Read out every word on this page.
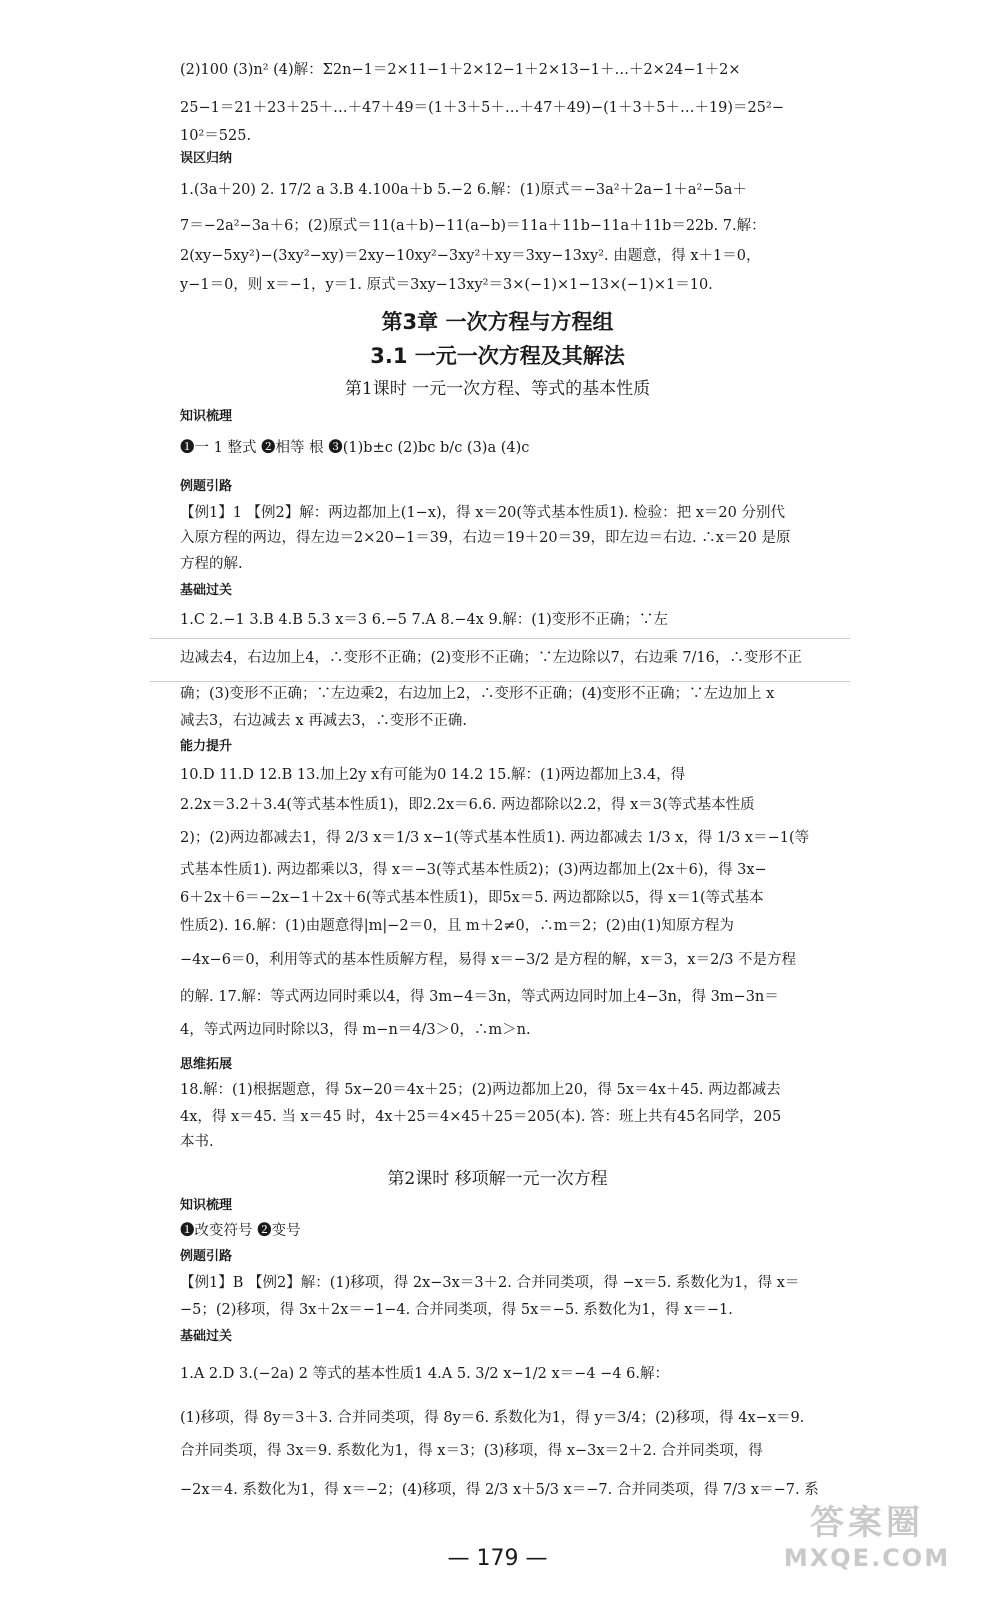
(2)100 (3)n² (4)解：Σ2n−1＝2×11−1＋2×12−1＋2×13−1＋…＋2×24−1＋2×
25−1＝21＋23＋25＋…＋47＋49＝(1＋3＋5＋…＋47＋49)−(1＋3＋5＋…＋19)＝25²−
10²＝525.
误区归纳
1.(3a＋20) 2. 17/2 a 3.B 4.100a＋b 5.−2 6.解：(1)原式＝−3a²＋2a−1＋a²−5a＋
7＝−2a²−3a＋6；(2)原式＝11(a＋b)−11(a−b)＝11a＋11b−11a＋11b＝22b. 7.解：
2(xy−5xy²)−(3xy²−xy)＝2xy−10xy²−3xy²＋xy＝3xy−13xy². 由题意，得 x＋1＝0，
y−1＝0，则 x＝−1，y＝1. 原式＝3xy−13xy²＝3×(−1)×1−13×(−1)×1＝10.
第3章 一次方程与方程组
3.1 一元一次方程及其解法
第1课时 一元一次方程、等式的基本性质
知识梳理
❶一 1 整式 ❷相等 根 ❸(1)b±c (2)bc b/c (3)a (4)c
例题引路
【例1】1 【例2】解：两边都加上(1−x)，得 x＝20(等式基本性质1). 检验：把 x＝20 分别代
入原方程的两边，得左边＝2×20−1＝39，右边＝19＋20＝39，即左边＝右边. ∴x＝20 是原
方程的解.
基础过关
1.C 2.−1 3.B 4.B 5.3 x＝3 6.−5 7.A 8.−4x 9.解：(1)变形不正确；∵左
边减去4，右边加上4，∴变形不正确；(2)变形不正确；∵左边除以7，右边乘 7/16，∴变形不正
确；(3)变形不正确；∵左边乘2，右边加上2，∴变形不正确；(4)变形不正确；∵左边加上 x
减去3，右边减去 x 再减去3，∴变形不正确.
能力提升
10.D 11.D 12.B 13.加上2y x有可能为0 14.2 15.解：(1)两边都加上3.4，得
2.2x＝3.2＋3.4(等式基本性质1)，即2.2x＝6.6. 两边都除以2.2，得 x＝3(等式基本性质
2)；(2)两边都减去1，得 2/3 x＝1/3 x−1(等式基本性质1). 两边都减去 1/3 x，得 1/3 x＝−1(等
式基本性质1). 两边都乘以3，得 x＝−3(等式基本性质2)；(3)两边都加上(2x＋6)，得 3x−
6＋2x＋6＝−2x−1＋2x＋6(等式基本性质1)，即5x＝5. 两边都除以5，得 x＝1(等式基本
性质2). 16.解：(1)由题意得|m|−2＝0，且 m＋2≠0，∴m＝2；(2)由(1)知原方程为
−4x−6＝0，利用等式的基本性质解方程，易得 x＝−3/2 是方程的解，x＝3，x＝2/3 不是方程
的解. 17.解：等式两边同时乘以4，得 3m−4＝3n，等式两边同时加上4−3n，得 3m−3n＝
4，等式两边同时除以3，得 m−n＝4/3＞0，∴m＞n.
思维拓展
18.解：(1)根据题意，得 5x−20＝4x＋25；(2)两边都加上20，得 5x＝4x＋45. 两边都减去
4x，得 x＝45. 当 x＝45 时，4x＋25＝4×45＋25＝205(本). 答：班上共有45名同学，205
本书.
第2课时 移项解一元一次方程
知识梳理
❶改变符号 ❷变号
例题引路
【例1】B 【例2】解：(1)移项，得 2x−3x＝3＋2. 合并同类项，得 −x＝5. 系数化为1，得 x＝
−5；(2)移项，得 3x＋2x＝−1−4. 合并同类项，得 5x＝−5. 系数化为1，得 x＝−1.
基础过关
1.A 2.D 3.(−2a) 2 等式的基本性质1 4.A 5. 3/2 x−1/2 x＝−4 −4 6.解：
(1)移项，得 8y＝3＋3. 合并同类项，得 8y＝6. 系数化为1，得 y＝3/4；(2)移项，得 4x−x＝9.
合并同类项，得 3x＝9. 系数化为1，得 x＝3；(3)移项，得 x−3x＝2＋2. 合并同类项，得
−2x＝4. 系数化为1，得 x＝−2；(4)移项，得 2/3 x＋5/3 x＝−7. 合并同类项，得 7/3 x＝−7. 系
— 179 —
答案圈
MXQE.COM
